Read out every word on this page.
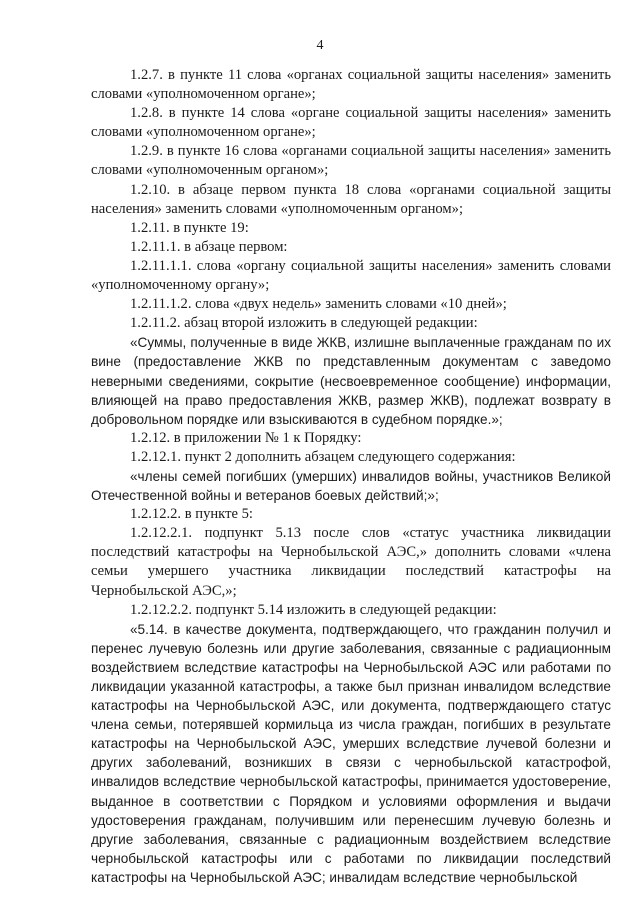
4

1.2.7. в пункте 11 слова «органах социальной защиты населения» заменить словами «уполномоченном органе»;

1.2.8. в пункте 14 слова «органе социальной защиты населения» заменить словами «уполномоченном органе»;

1.2.9. в пункте 16 слова «органами социальной защиты населения» заменить словами «уполномоченным органом»;

1.2.10. в абзаце первом пункта 18 слова «органами социальной защиты населения» заменить словами «уполномоченным органом»;

1.2.11. в пункте 19:

1.2.11.1. в абзаце первом:

1.2.11.1.1. слова «органу социальной защиты населения» заменить словами «уполномоченному органу»;

1.2.11.1.2. слова «двух недель» заменить словами «10 дней»;

1.2.11.2. абзац второй изложить в следующей редакции:

«Суммы, полученные в виде ЖКВ, излишне выплаченные гражданам по их вине (предоставление ЖКВ по представленным документам с заведомо неверными сведениями, сокрытие (несвоевременное сообщение) информации, влияющей на право предоставления ЖКВ, размер ЖКВ), подлежат возврату в добровольном порядке или взыскиваются в судебном порядке.»;

1.2.12. в приложении № 1 к Порядку:

1.2.12.1. пункт 2 дополнить абзацем следующего содержания:

«члены семей погибших (умерших) инвалидов войны, участников Великой Отечественной войны и ветеранов боевых действий;»;

1.2.12.2. в пункте 5:

1.2.12.2.1. подпункт 5.13 после слов «статус участника ликвидации последствий катастрофы на Чернобыльской АЭС,» дополнить словами «члена семьи умершего участника ликвидации последствий катастрофы на Чернобыльской АЭС,»;

1.2.12.2.2. подпункт 5.14 изложить в следующей редакции:

«5.14. в качестве документа, подтверждающего, что гражданин получил и перенес лучевую болезнь или другие заболевания, связанные с радиационным воздействием вследствие катастрофы на Чернобыльской АЭС или работами по ликвидации указанной катастрофы, а также был признан инвалидом вследствие катастрофы на Чернобыльской АЭС, или документа, подтверждающего статус члена семьи, потерявшей кормильца из числа граждан, погибших в результате катастрофы на Чернобыльской АЭС, умерших вследствие лучевой болезни и других заболеваний, возникших в связи с чернобыльской катастрофой, инвалидов вследствие чернобыльской катастрофы, принимается удостоверение, выданное в соответствии с Порядком и условиями оформления и выдачи удостоверения гражданам, получившим или перенесшим лучевую болезнь и другие заболевания, связанные с радиационным воздействием вследствие чернобыльской катастрофы или с работами по ликвидации последствий катастрофы на Чернобыльской АЭС; инвалидам вследствие чернобыльской
